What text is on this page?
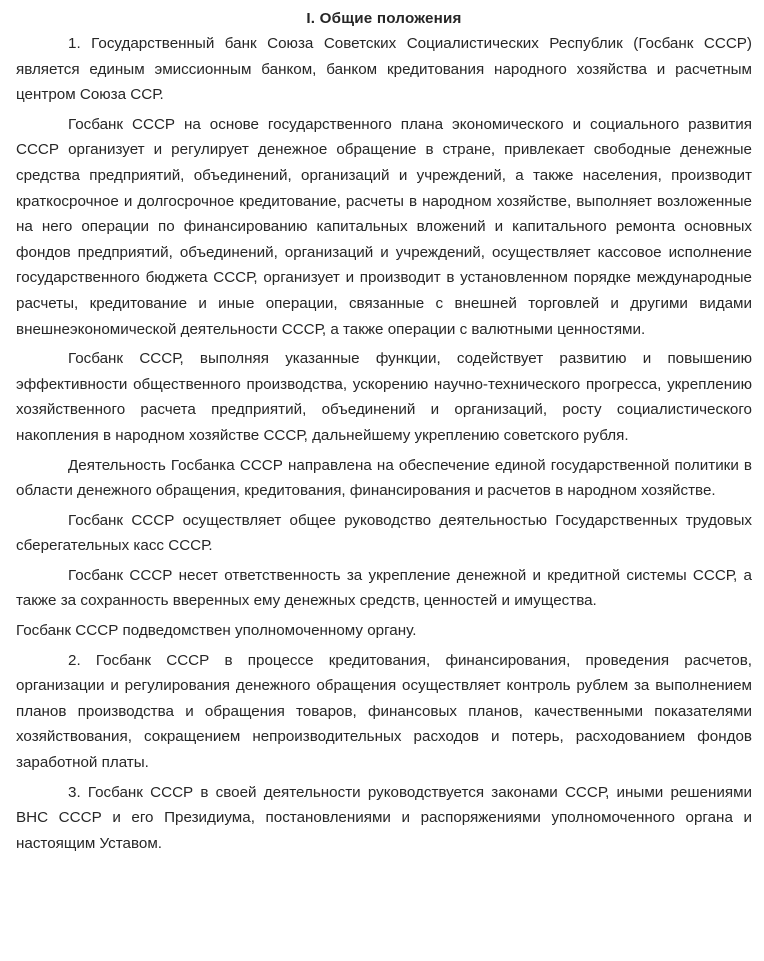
I. Общие положения

1. Государственный банк Союза Советских Социалистических Республик (Госбанк СССР) является единым эмиссионным банком, банком кредитования народного хозяйства и расчетным центром Союза ССР.

Госбанк СССР на основе государственного плана экономического и социального развития СССР организует и регулирует денежное обращение в стране, привлекает свободные денежные средства предприятий, объединений, организаций и учреждений, а также населения, производит краткосрочное и долгосрочное кредитование, расчеты в народном хозяйстве, выполняет возложенные на него операции по финансированию капитальных вложений и капитального ремонта основных фондов предприятий, объединений, организаций и учреждений, осуществляет кассовое исполнение государственного бюджета СССР, организует и производит в установленном порядке международные расчеты, кредитование и иные операции, связанные с внешней торговлей и другими видами внешнеэкономической деятельности СССР, а также операции с валютными ценностями.

Госбанк СССР, выполняя указанные функции, содействует развитию и повышению эффективности общественного производства, ускорению научно-технического прогресса, укреплению хозяйственного расчета предприятий, объединений и организаций, росту социалистического накопления в народном хозяйстве СССР, дальнейшему укреплению советского рубля.

Деятельность Госбанка СССР направлена на обеспечение единой государственной политики в области денежного обращения, кредитования, финансирования и расчетов в народном хозяйстве.

Госбанк СССР осуществляет общее руководство деятельностью Государственных трудовых сберегательных касс СССР.

Госбанк СССР несет ответственность за укрепление денежной и кредитной системы СССР, а также за сохранность вверенных ему денежных средств, ценностей и имущества.

Госбанк СССР подведомствен уполномоченному органу.

2. Госбанк СССР в процессе кредитования, финансирования, проведения расчетов, организации и регулирования денежного обращения осуществляет контроль рублем за выполнением планов производства и обращения товаров, финансовых планов, качественными показателями хозяйствования, сокращением непроизводительных расходов и потерь, расходованием фондов заработной платы.

3. Госбанк СССР в своей деятельности руководствуется законами СССР, иными решениями ВНС СССР и его Президиума, постановлениями и распоряжениями уполномоченного органа и настоящим Уставом.
